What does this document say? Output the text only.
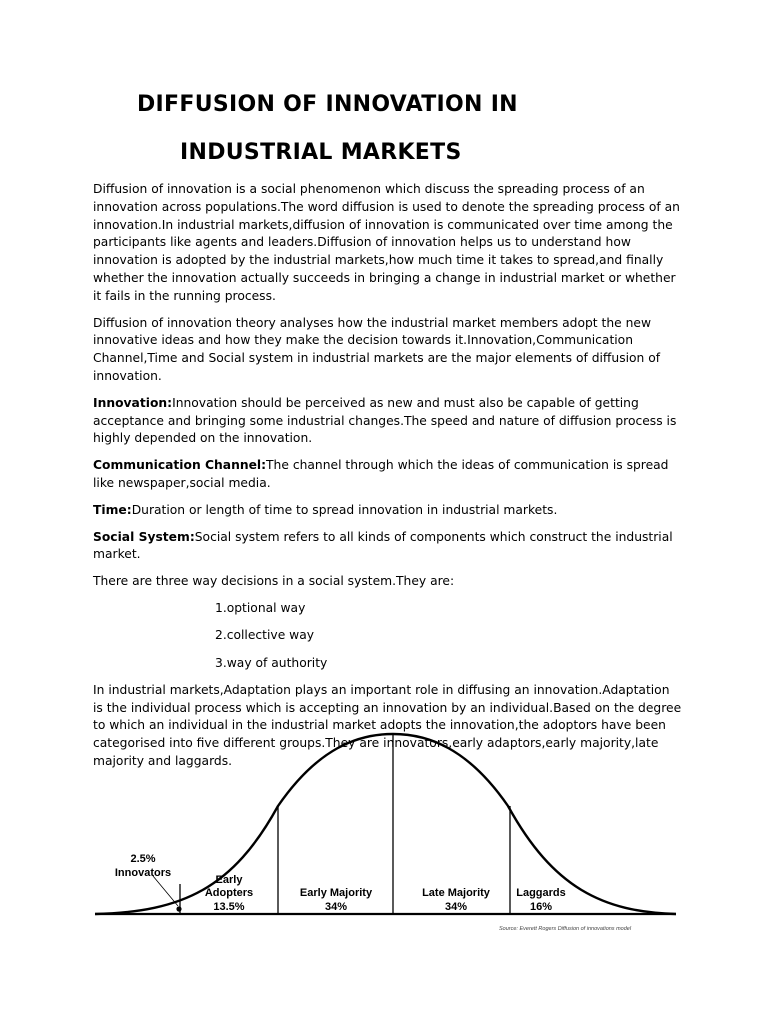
DIFFUSION OF INNOVATION IN
INDUSTRIAL MARKETS

Diffusion of innovation is a social phenomenon which discuss the spreading process of an innovation across populations.The word diffusion is used to denote the spreading process of an innovation.In industrial markets,diffusion of innovation is communicated over time among the participants like agents and leaders.Diffusion of innovation helps us to understand how innovation is adopted by the industrial markets,how much time it takes to spread,and finally whether the innovation actually succeeds in bringing a change in industrial market or whether it fails in the running process.

Diffusion of innovation theory analyses how the industrial market members adopt the new innovative ideas and how they make the decision towards it.Innovation,Communication Channel,Time and Social system in industrial markets are the major elements of diffusion of innovation.

Innovation:Innovation should be perceived as new and must also be capable of getting acceptance and bringing some industrial changes.The speed and nature of diffusion process is highly depended on the innovation.

Communication Channel:The channel through which the ideas of communication is spread like newspaper,social media.

Time:Duration or length of time to spread innovation in industrial markets.

Social System:Social system refers to all kinds of components which construct the industrial market.

There are three way decisions in a social system.They are:

1.optional way
2.collective way
3.way of authority

In industrial markets,Adaptation plays an important role in diffusing an innovation.Adaptation is the individual process which is accepting an innovation by an individual.Based on the degree to which an individual in the industrial market adopts the innovation,the adoptors have been categorised into five different groups.They are innovators,early adaptors,early majority,late majority and laggards.

2.5%
Innovators
Early
Adopters
13.5%
Early Majority
34%
Late Majority
34%
Laggards
16%
Source: Everett Rogers Diffusion of innovations model
